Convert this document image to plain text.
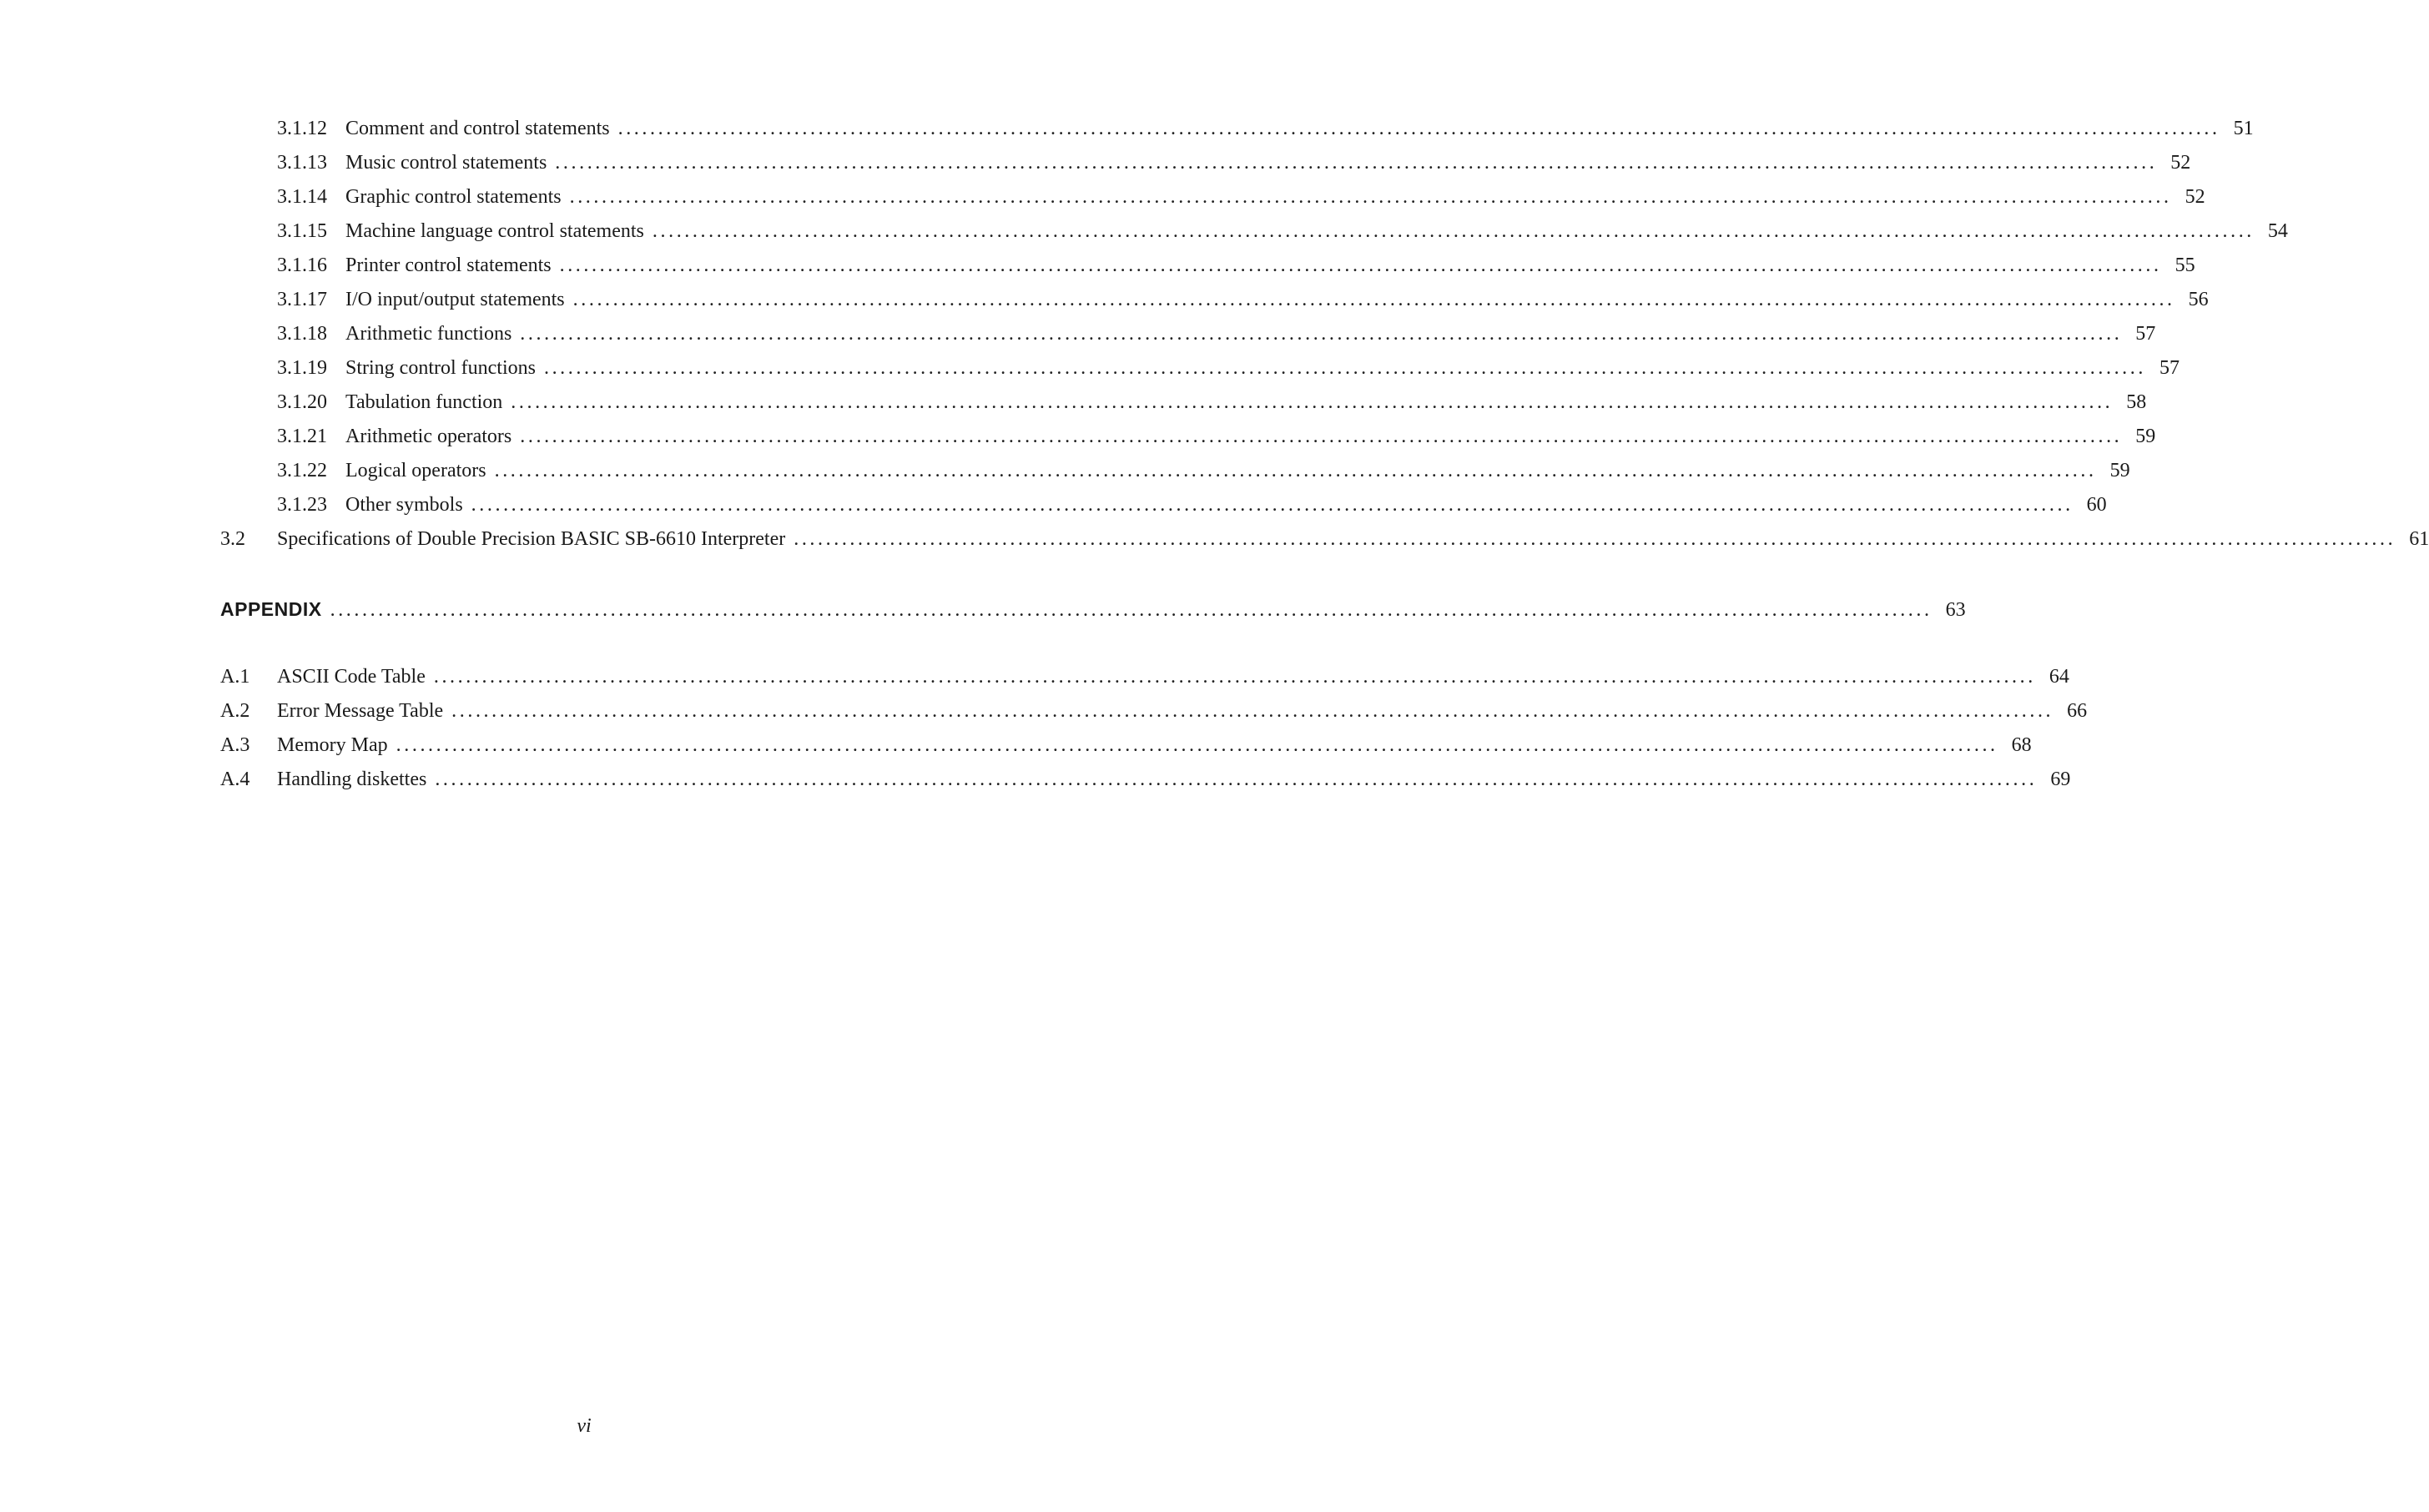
3.1.12 Comment and control statements ........................................................................................................................................................................................................ 51
3.1.13 Music control statements ........................................................................................................................................................................................................ 52
3.1.14 Graphic control statements ........................................................................................................................................................................................................ 52
3.1.15 Machine language control statements ........................................................................................................................................................................................................ 54
3.1.16 Printer control statements ........................................................................................................................................................................................................ 55
3.1.17 I/O input/output statements ........................................................................................................................................................................................................ 56
3.1.18 Arithmetic functions ........................................................................................................................................................................................................ 57
3.1.19 String control functions ........................................................................................................................................................................................................ 57
3.1.20 Tabulation function ........................................................................................................................................................................................................ 58
3.1.21 Arithmetic operators ........................................................................................................................................................................................................ 59
3.1.22 Logical operators ........................................................................................................................................................................................................ 59
3.1.23 Other symbols ........................................................................................................................................................................................................ 60
3.2	Specifications of Double Precision BASIC SB-6610 Interpreter ........................................................................................................................................................................................................ 61
APPENDIX ........................................................................................................................................................................................................ 63
A.1	ASCII Code Table ........................................................................................................................................................................................................ 64
A.2	Error Message Table ........................................................................................................................................................................................................ 66
A.3	Memory Map ........................................................................................................................................................................................................ 68
A.4	Handling diskettes ........................................................................................................................................................................................................ 69
vi
